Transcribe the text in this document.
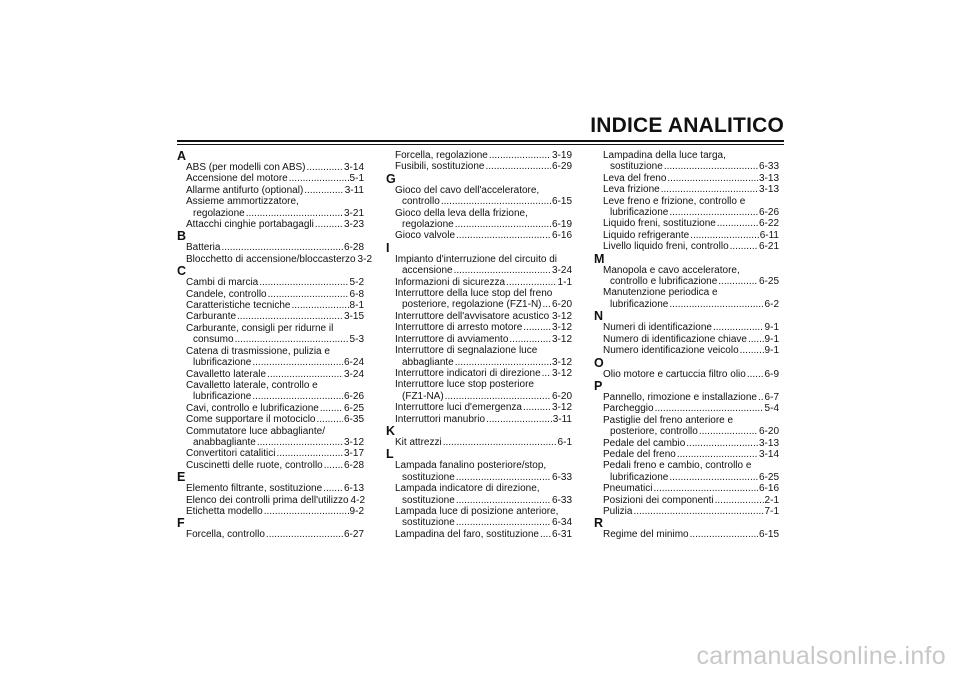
INDICE ANALITICO
A
ABS (per modelli con ABS) .....	3-14
Accensione del motore .....	5-1
Allarme antifurto (optional) .....	3-11
Assieme ammortizzatore,
regolazione .....	3-21
Attacchi cinghie portabagagli .....	3-23
B
Batteria .....	6-28
Blocchetto di accensione/bloccasterzo 3-2
C
Cambi di marcia .....	5-2
Candele, controllo .....	6-8
Caratteristiche tecniche .....	8-1
Carburante .....	3-15
Carburante, consigli per ridurne il
consumo .....	5-3
Catena di trasmissione, pulizia e
lubrificazione .....	6-24
Cavalletto laterale .....	3-24
Cavalletto laterale, controllo e
lubrificazione .....	6-26
Cavi, controllo e lubrificazione .....	6-25
Come supportare il motociclo .....	6-35
Commutatore luce abbagliante/
anabbagliante .....	3-12
Convertitori catalitici .....	3-17
Cuscinetti delle ruote, controllo ..... 6-28
E
Elemento filtrante, sostituzione ..... 6-13
Elenco dei controlli prima dell'utilizzo 4-2
Etichetta modello .....	9-2
F
Forcella, controllo .....	6-27
Forcella, regolazione .....	3-19
Fusibili, sostituzione .....	6-29
G
Gioco del cavo dell'acceleratore,
controllo .....	6-15
Gioco della leva della frizione,
regolazione .....	6-19
Gioco valvole .....	6-16
I
Impianto d'interruzione del circuito di
accensione .....	3-24
Informazioni di sicurezza .....	1-1
Interruttore della luce stop del freno
posteriore, regolazione (FZ1-N) ..... 6-20
Interruttore dell'avvisatore acustico ..... 3-12
Interruttore di arresto motore .....	3-12
Interruttore di avviamento .....	3-12
Interruttore di segnalazione luce
abbagliante .....	3-12
Interruttore indicatori di direzione ..... 3-12
Interruttore luce stop posteriore
(FZ1-NA) .....	6-20
Interruttore luci d'emergenza .....	3-12
Interruttori manubrio .....	3-11
K
Kit attrezzi .....	6-1
L
Lampada fanalino posteriore/stop,
sostituzione .....	6-33
Lampada indicatore di direzione,
sostituzione .....	6-33
Lampada luce di posizione anteriore,
sostituzione .....	6-34
Lampadina del faro, sostituzione ..... 6-31
Lampadina della luce targa,
sostituzione .....	6-33
Leva del freno .....	3-13
Leva frizione .....	3-13
Leve freno e frizione, controllo e
lubrificazione .....	6-26
Liquido freni, sostituzione .....	6-22
Liquido refrigerante .....	6-11
Livello liquido freni, controllo .....	6-21
M
Manopola e cavo acceleratore,
controllo e lubrificazione .....	6-25
Manutenzione periodica e
lubrificazione .....	6-2
N
Numeri di identificazione .....	9-1
Numero di identificazione chiave ..... 9-1
Numero identificazione veicolo .....	9-1
O
Olio motore e cartuccia filtro olio ..... 6-9
P
Pannello, rimozione e installazione ..... 6-7
Parcheggio .....	5-4
Pastiglie del freno anteriore e
posteriore, controllo .....	6-20
Pedale del cambio .....	3-13
Pedale del freno .....	3-14
Pedali freno e cambio, controllo e
lubrificazione .....	6-25
Pneumatici .....	6-16
Posizioni dei componenti .....	2-1
Pulizia .....	7-1
R
Regime del minimo .....	6-15
carmanualsonline.info
